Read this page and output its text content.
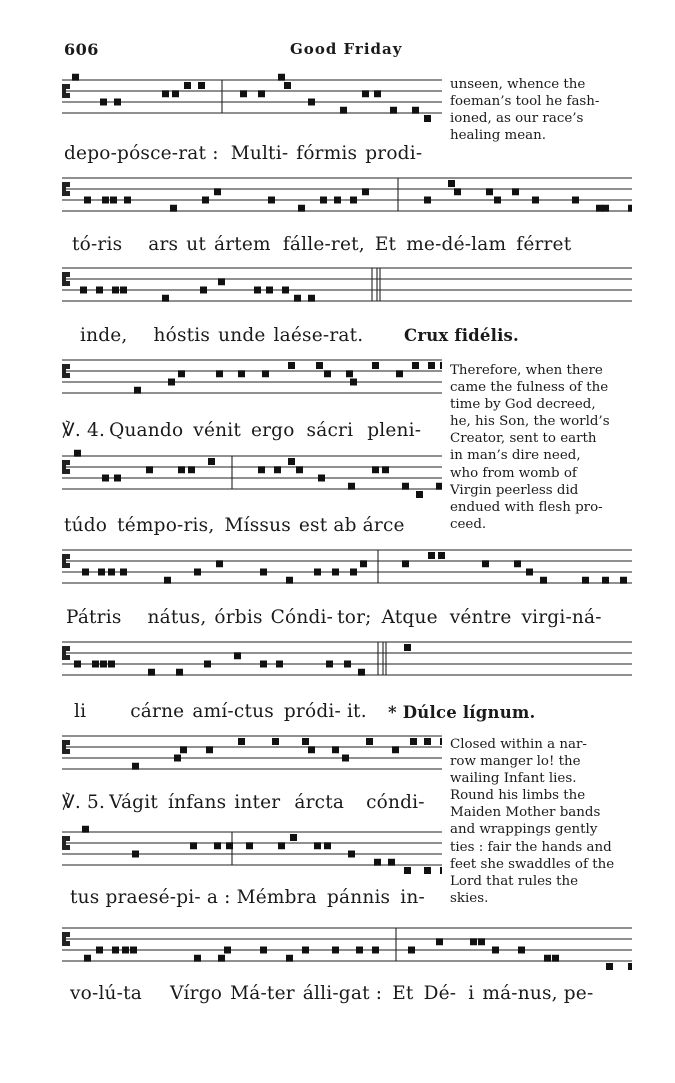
606	Good Friday
depo-pósce-rat : Multi- fórmis prodi-
tó-ris ars ut ártem fálle-ret, Et me-dé-lam férret
inde, hóstis unde laése-rat. Crux fidélis.
℣. 4. Quando vénit ergo sácri pleni-
túdo témpo-ris, Míssus est ab árce
Pátris nátus, órbis Cóndi- tor; Atque véntre virgi-ná-
li cárne amí-ctus pródi- it. * Dúlce lígnum.
℣. 5. Vágit ínfans inter árcta cóndi-
tus praesé-pi- a : Mémbra pánnis in-
vo-lú-ta Vírgo Má-ter álli-gat : Et Dé- i má-nus, pe-
unseen, whence the
foeman’s tool he fash-
ioned, as our race’s
healing mean.
Therefore, when there
came the fulness of the
time by God decreed,
he, his Son, the world’s
Creator, sent to earth
in man’s dire need,
who from womb of
Virgin peerless did
endued with flesh pro-
ceed.
Closed within a nar-
row manger lo! the
wailing Infant lies.
Round his limbs the
Maiden Mother bands
and wrappings gently
ties : fair the hands and
feet she swaddles of the
Lord that rules the
skies.
